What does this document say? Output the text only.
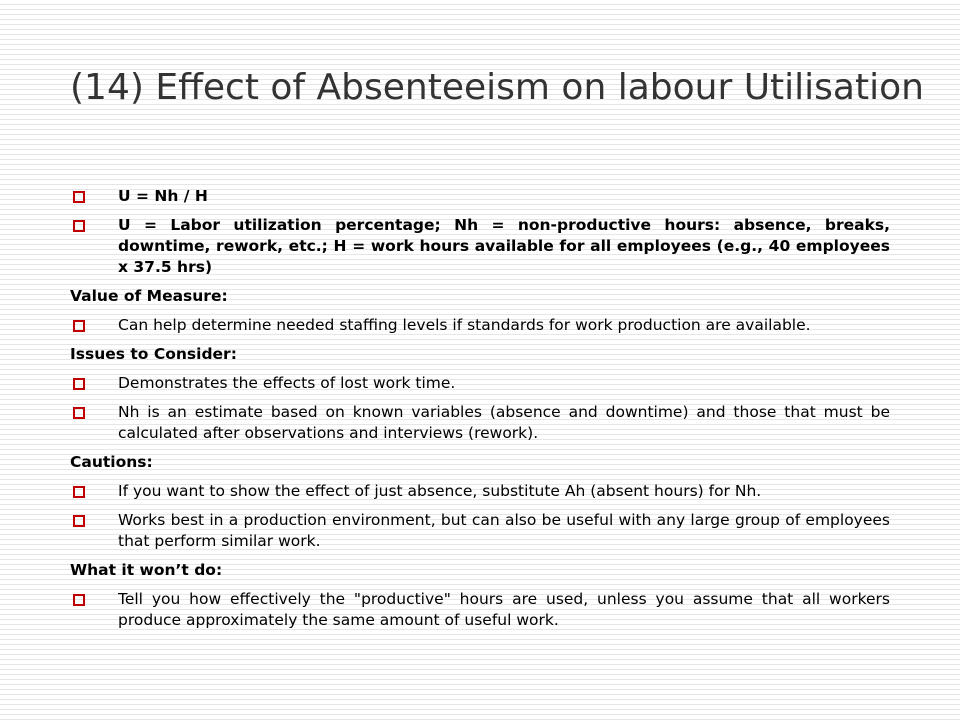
(14) Effect of Absenteeism on labour Utilisation
U = Nh / H
U = Labor utilization percentage; Nh = non-productive hours: absence, breaks, downtime, rework, etc.; H = work hours available for all employees (e.g., 40 employees x 37.5 hrs)
Value of Measure:
Can help determine needed staffing levels if standards for work production are available.
Issues to Consider:
Demonstrates the effects of lost work time.
Nh is an estimate based on known variables (absence and downtime) and those that must be calculated after observations and interviews (rework).
Cautions:
If you want to show the effect of just absence, substitute Ah (absent hours) for Nh.
Works best in a production environment, but can also be useful with any large group of employees that perform similar work.
What it won’t do:
Tell you how effectively the "productive" hours are used, unless you assume that all workers produce approximately the same amount of useful work.
